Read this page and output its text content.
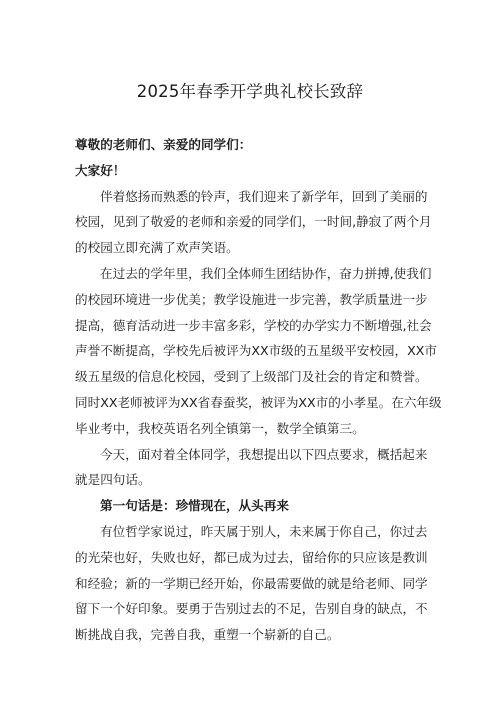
2025年春季开学典礼校长致辞

尊敬的老师们、亲爱的同学们：

大家好！

伴着悠扬而熟悉的铃声，我们迎来了新学年，回到了美丽的

校园，见到了敬爱的老师和亲爱的同学们，一时间,静寂了两个月

的校园立即充满了欢声笑语。

在过去的学年里，我们全体师生团结协作，奋力拼搏,使我们

的校园环境进一步优美；教学设施进一步完善，教学质量进一步

提高，德育活动进一步丰富多彩，学校的办学实力不断增强,社会

声誉不断提高，学校先后被评为XX市级的五星级平安校园，XX市

级五星级的信息化校园，受到了上级部门及社会的肯定和赞誉。

同时XX老师被评为XX省春蚕奖，被评为XX市的小孝星。在六年级

毕业考中，我校英语名列全镇第一，数学全镇第三。

今天，面对着全体同学，我想提出以下四点要求，概括起来

就是四句话。

第一句话是：珍惜现在，从头再来

有位哲学家说过，昨天属于别人，未来属于你自己，你过去

的光荣也好，失败也好，都已成为过去，留给你的只应该是教训

和经验；新的一学期已经开始，你最需要做的就是给老师、同学

留下一个好印象。要勇于告别过去的不足，告别自身的缺点，不

断挑战自我，完善自我，重塑一个崭新的自己。
